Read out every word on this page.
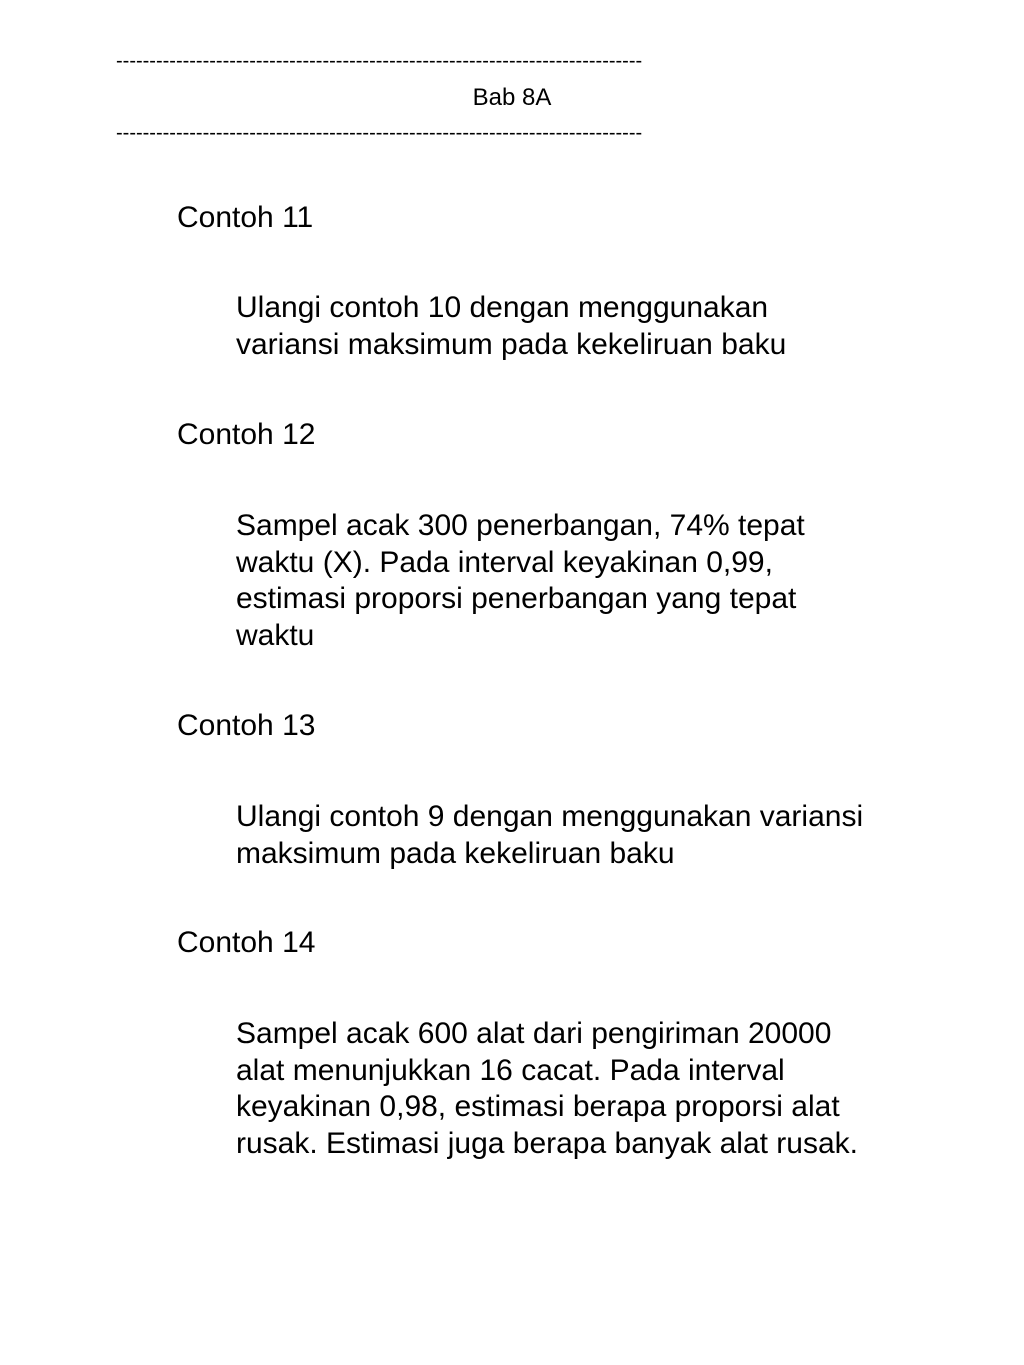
-------------------------------------------------------------------------------
Bab 8A
-------------------------------------------------------------------------------
Contoh 11

Ulangi contoh 10 dengan menggunakan
variansi maksimum pada kekeliruan baku

Contoh 12

Sampel acak 300 penerbangan, 74% tepat
waktu (X). Pada interval keyakinan 0,99,
estimasi proporsi penerbangan yang tepat
waktu

Contoh 13

Ulangi contoh 9 dengan menggunakan variansi
maksimum pada kekeliruan baku

Contoh 14

Sampel acak 600 alat dari pengiriman 20000
alat menunjukkan 16 cacat. Pada interval
keyakinan 0,98, estimasi berapa proporsi alat
rusak. Estimasi juga berapa banyak alat rusak.
